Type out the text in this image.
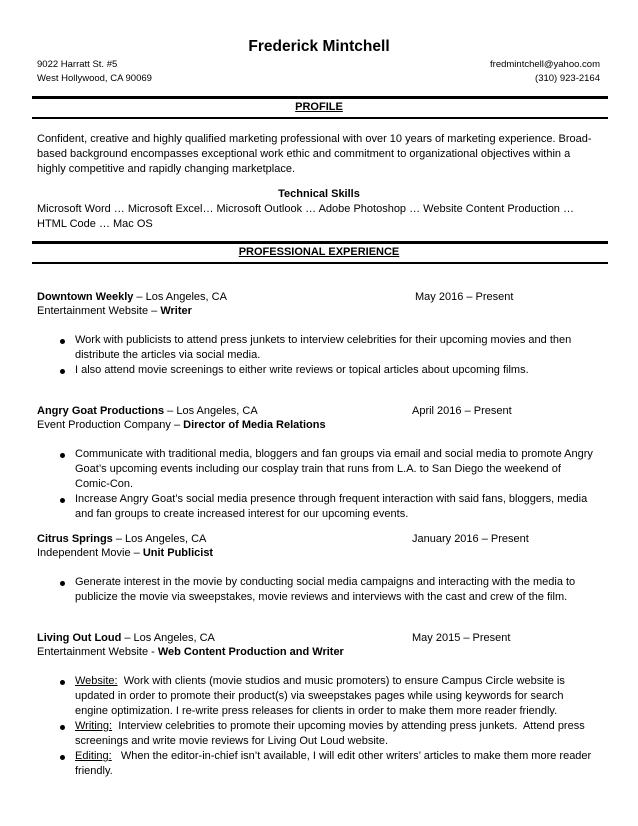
Frederick Mintchell
9022 Harratt St. #5
West Hollywood, CA 90069
fredmintchell@yahoo.com
(310) 923-2164
PROFILE
Confident, creative and highly qualified marketing professional with over 10 years of marketing experience. Broad-based background encompasses exceptional work ethic and commitment to organizational objectives within a highly competitive and rapidly changing marketplace.
Technical Skills
Microsoft Word … Microsoft Excel… Microsoft Outlook … Adobe Photoshop … Website Content Production … HTML Code … Mac OS
PROFESSIONAL EXPERIENCE
Downtown Weekly – Los Angeles, CA	May 2016 – Present
Entertainment Website – Writer
Work with publicists to attend press junkets to interview celebrities for their upcoming movies and then distribute the articles via social media.
I also attend movie screenings to either write reviews or topical articles about upcoming films.
Angry Goat Productions – Los Angeles, CA	April 2016 – Present
Event Production Company – Director of Media Relations
Communicate with traditional media, bloggers and fan groups via email and social media to promote Angry Goat’s upcoming events including our cosplay train that runs from L.A. to San Diego the weekend of Comic-Con.
Increase Angry Goat’s social media presence through frequent interaction with said fans, bloggers, media and fan groups to create increased interest for our upcoming events.
Citrus Springs – Los Angeles, CA	January 2016 – Present
Independent Movie – Unit Publicist
Generate interest in the movie by conducting social media campaigns and interacting with the media to publicize the movie via sweepstakes, movie reviews and interviews with the cast and crew of the film.
Living Out Loud – Los Angeles, CA	May 2015 – Present
Entertainment Website - Web Content Production and Writer
Website:  Work with clients (movie studios and music promoters) to ensure Campus Circle website is updated in order to promote their product(s) via sweepstakes pages while using keywords for search engine optimization. I re-write press releases for clients in order to make them more reader friendly.
Writing:  Interview celebrities to promote their upcoming movies by attending press junkets.  Attend press screenings and write movie reviews for Living Out Loud website.
Editing:   When the editor-in-chief isn’t available, I will edit other writers’ articles to make them more reader friendly.
